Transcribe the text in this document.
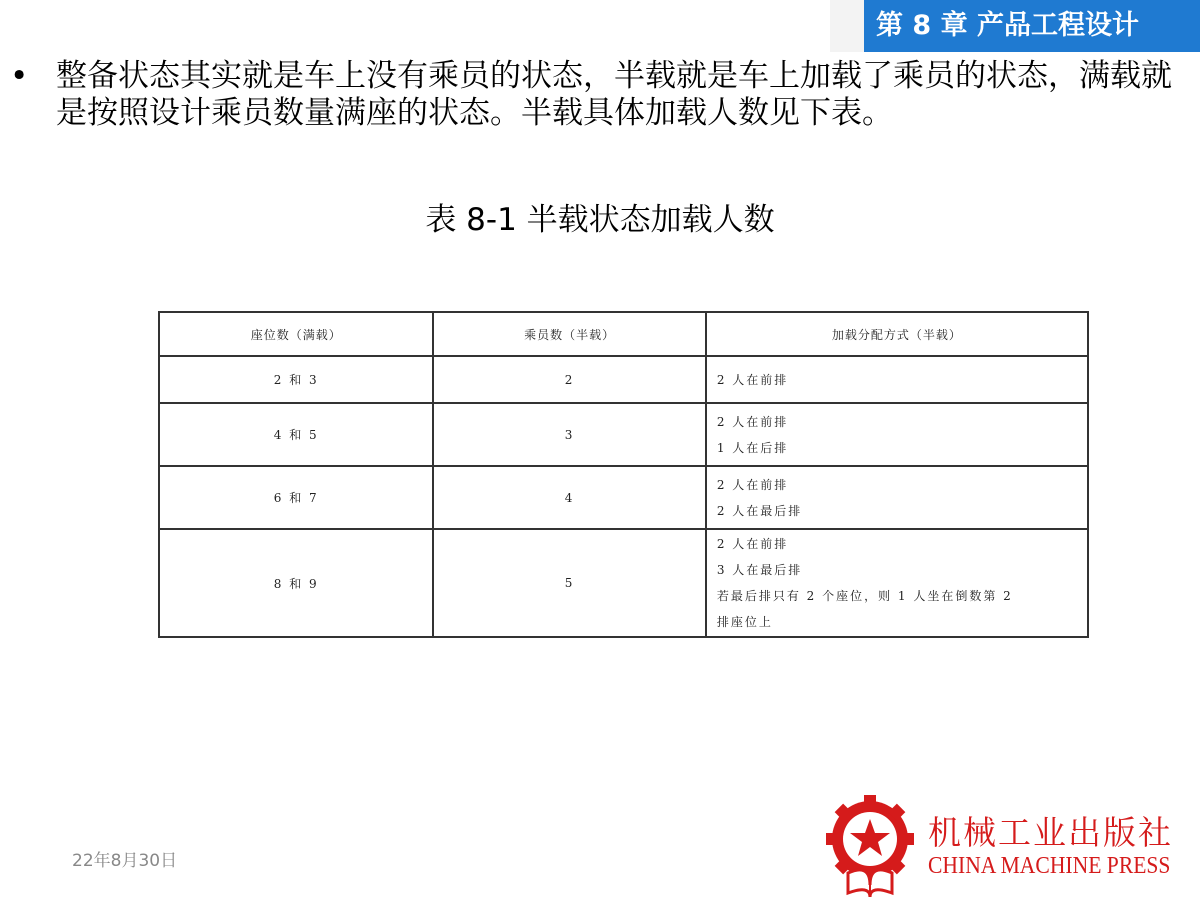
第 8 章 产品工程设计
• 整备状态其实就是车上没有乘员的状态，半载就是车上加载了乘员的状态，满载就是按照设计乘员数量满座的状态。半载具体加载人数见下表。
表 8-1 半载状态加载人数
座位数（满载）	乘员数（半载）	加载分配方式（半载）
2 和 3	2	2 人在前排

4 和 5	3	2 人在前排
1 人在后排

6 和 7	4	2 人在前排
2 人在最后排

8 和 9	5	2 人在前排
3 人在最后排
若最后排只有 2 个座位，则 1 人坐在倒数第 2
排座位上
22年8月30日
机械工业出版社
CHINA MACHINE PRESS
